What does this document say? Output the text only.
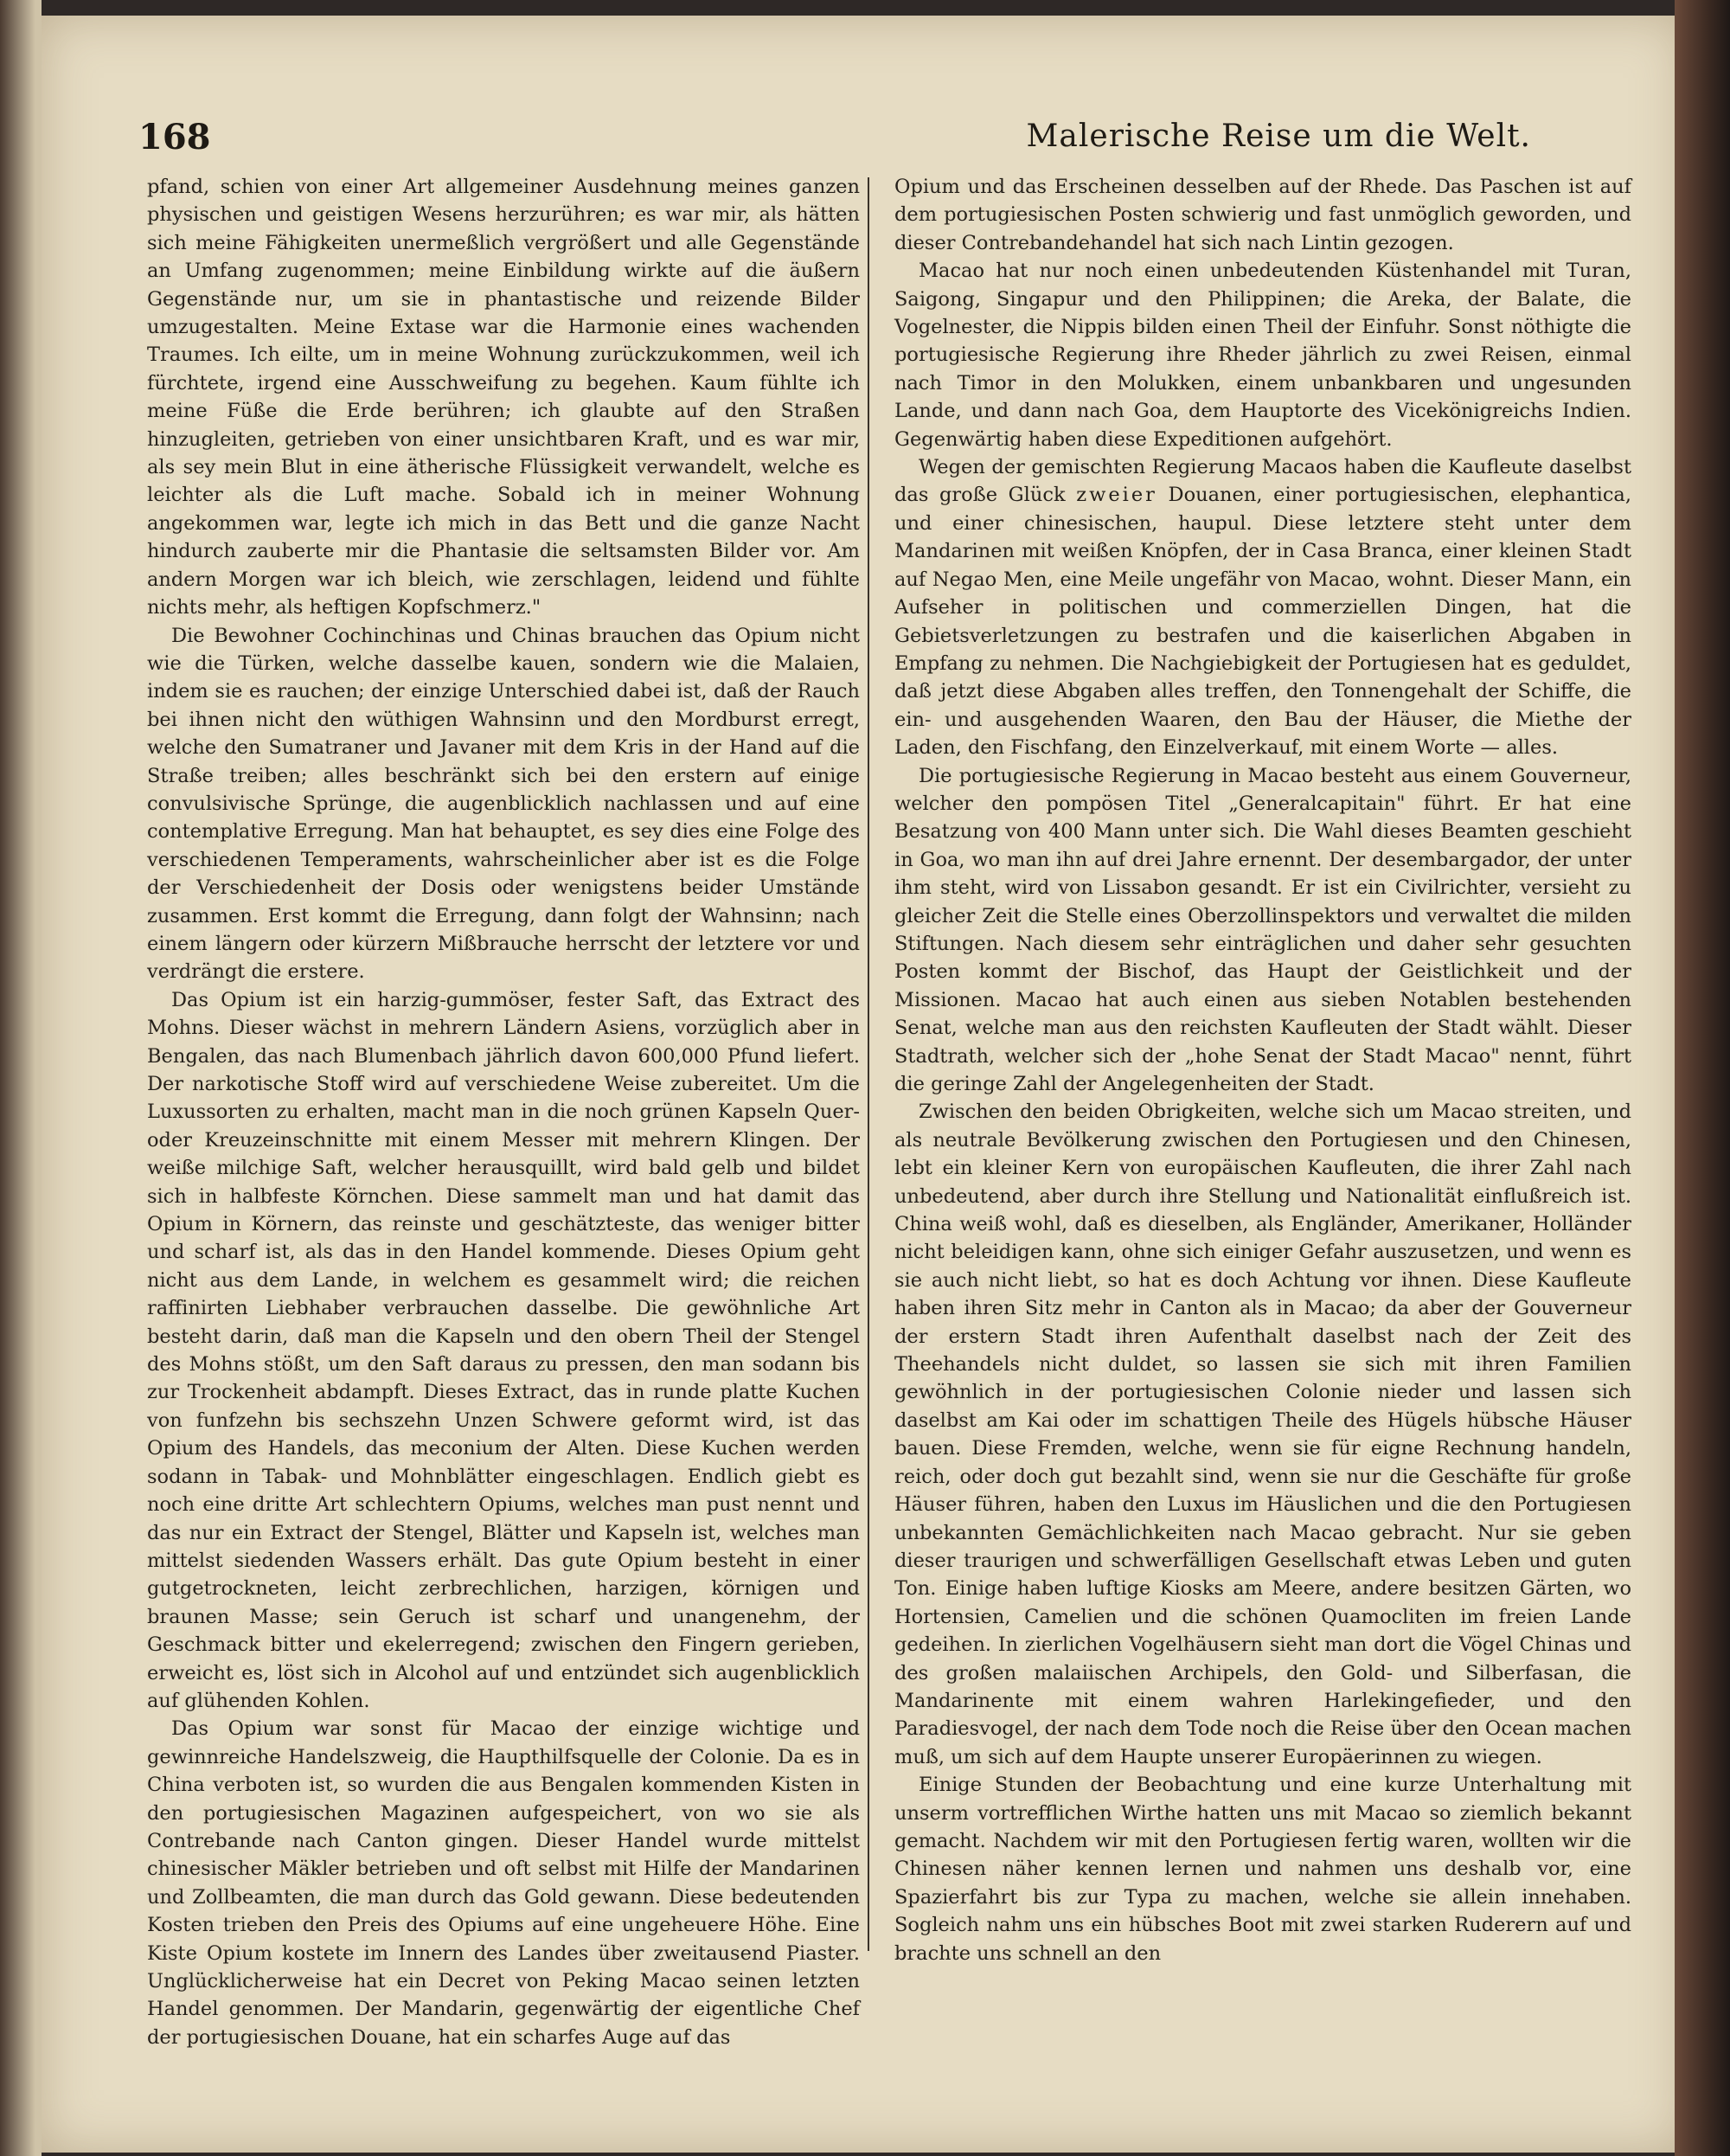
168	Malerische Reise um die Welt.

pfand, schien von einer Art allgemeiner Ausdehnung meines ganzen physischen und geistigen Wesens herzurühren; es war mir, als hätten sich meine Fähigkeiten unermeßlich vergrößert und alle Gegenstände an Umfang zugenommen; meine Einbildung wirkte auf die äußern Gegenstände nur, um sie in phantastische und reizende Bilder umzugestalten. Meine Extase war die Harmonie eines wachenden Traumes. Ich eilte, um in meine Wohnung zurückzukommen, weil ich fürchtete, irgend eine Ausschweifung zu begehen. Kaum fühlte ich meine Füße die Erde berühren; ich glaubte auf den Straßen hinzugleiten, getrieben von einer unsichtbaren Kraft, und es war mir, als sey mein Blut in eine ätherische Flüssigkeit verwandelt, welche es leichter als die Luft mache. Sobald ich in meiner Wohnung angekommen war, legte ich mich in das Bett und die ganze Nacht hindurch zauberte mir die Phantasie die seltsamsten Bilder vor. Am andern Morgen war ich bleich, wie zerschlagen, leidend und fühlte nichts mehr, als heftigen Kopfschmerz."

Die Bewohner Cochinchinas und Chinas brauchen das Opium nicht wie die Türken, welche dasselbe kauen, sondern wie die Malaien, indem sie es rauchen; der einzige Unterschied dabei ist, daß der Rauch bei ihnen nicht den wüthigen Wahnsinn und den Mordburst erregt, welche den Sumatraner und Javaner mit dem Kris in der Hand auf die Straße treiben; alles beschränkt sich bei den erstern auf einige convulsivische Sprünge, die augenblicklich nachlassen und auf eine contemplative Erregung. Man hat behauptet, es sey dies eine Folge des verschiedenen Temperaments, wahrscheinlicher aber ist es die Folge der Verschiedenheit der Dosis oder wenigstens beider Umstände zusammen. Erst kommt die Erregung, dann folgt der Wahnsinn; nach einem längern oder kürzern Mißbrauche herrscht der letztere vor und verdrängt die erstere.

Das Opium ist ein harzig-gummöser, fester Saft, das Extract des Mohns. Dieser wächst in mehrern Ländern Asiens, vorzüglich aber in Bengalen, das nach Blumenbach jährlich davon 600,000 Pfund liefert. Der narkotische Stoff wird auf verschiedene Weise zubereitet. Um die Luxussorten zu erhalten, macht man in die noch grünen Kapseln Quer- oder Kreuzeinschnitte mit einem Messer mit mehrern Klingen. Der weiße milchige Saft, welcher herausquillt, wird bald gelb und bildet sich in halbfeste Körnchen. Diese sammelt man und hat damit das Opium in Körnern, das reinste und geschätzteste, das weniger bitter und scharf ist, als das in den Handel kommende. Dieses Opium geht nicht aus dem Lande, in welchem es gesammelt wird; die reichen raffinirten Liebhaber verbrauchen dasselbe. Die gewöhnliche Art besteht darin, daß man die Kapseln und den obern Theil der Stengel des Mohns stößt, um den Saft daraus zu pressen, den man sodann bis zur Trockenheit abdampft. Dieses Extract, das in runde platte Kuchen von funfzehn bis sechszehn Unzen Schwere geformt wird, ist das Opium des Handels, das meconium der Alten. Diese Kuchen werden sodann in Tabak- und Mohnblätter eingeschlagen. Endlich giebt es noch eine dritte Art schlechtern Opiums, welches man pust nennt und das nur ein Extract der Stengel, Blätter und Kapseln ist, welches man mittelst siedenden Wassers erhält. Das gute Opium besteht in einer gutgetrockneten, leicht zerbrechlichen, harzigen, körnigen und braunen Masse; sein Geruch ist scharf und unangenehm, der Geschmack bitter und ekelerregend; zwischen den Fingern gerieben, erweicht es, löst sich in Alcohol auf und entzündet sich augenblicklich auf glühenden Kohlen.

Das Opium war sonst für Macao der einzige wichtige und gewinnreiche Handelszweig, die Haupthilfsquelle der Colonie. Da es in China verboten ist, so wurden die aus Bengalen kommenden Kisten in den portugiesischen Magazinen aufgespeichert, von wo sie als Contrebande nach Canton gingen. Dieser Handel wurde mittelst chinesischer Mäkler betrieben und oft selbst mit Hilfe der Mandarinen und Zollbeamten, die man durch das Gold gewann. Diese bedeutenden Kosten trieben den Preis des Opiums auf eine ungeheuere Höhe. Eine Kiste Opium kostete im Innern des Landes über zweitausend Piaster. Unglücklicherweise hat ein Decret von Peking Macao seinen letzten Handel genommen. Der Mandarin, gegenwärtig der eigentliche Chef der portugiesischen Douane, hat ein scharfes Auge auf das

Opium und das Erscheinen desselben auf der Rhede. Das Paschen ist auf dem portugiesischen Posten schwierig und fast unmöglich geworden, und dieser Contrebandehandel hat sich nach Lintin gezogen.

Macao hat nur noch einen unbedeutenden Küstenhandel mit Turan, Saigong, Singapur und den Philippinen; die Areka, der Balate, die Vogelnester, die Nippis bilden einen Theil der Einfuhr. Sonst nöthigte die portugiesische Regierung ihre Rheder jährlich zu zwei Reisen, einmal nach Timor in den Molukken, einem unbankbaren und ungesunden Lande, und dann nach Goa, dem Hauptorte des Vicekönigreichs Indien. Gegenwärtig haben diese Expeditionen aufgehört.

Wegen der gemischten Regierung Macaos haben die Kaufleute daselbst das große Glück zweier Douanen, einer portugiesischen, elephantica, und einer chinesischen, haupul. Diese letztere steht unter dem Mandarinen mit weißen Knöpfen, der in Casa Branca, einer kleinen Stadt auf Negao Men, eine Meile ungefähr von Macao, wohnt. Dieser Mann, ein Aufseher in politischen und commerziellen Dingen, hat die Gebietsverletzungen zu bestrafen und die kaiserlichen Abgaben in Empfang zu nehmen. Die Nachgiebigkeit der Portugiesen hat es geduldet, daß jetzt diese Abgaben alles treffen, den Tonnengehalt der Schiffe, die ein- und ausgehenden Waaren, den Bau der Häuser, die Miethe der Laden, den Fischfang, den Einzelverkauf, mit einem Worte — alles.

Die portugiesische Regierung in Macao besteht aus einem Gouverneur, welcher den pompösen Titel „Generalcapitain" führt. Er hat eine Besatzung von 400 Mann unter sich. Die Wahl dieses Beamten geschieht in Goa, wo man ihn auf drei Jahre ernennt. Der desembargador, der unter ihm steht, wird von Lissabon gesandt. Er ist ein Civilrichter, versieht zu gleicher Zeit die Stelle eines Oberzollinspektors und verwaltet die milden Stiftungen. Nach diesem sehr einträglichen und daher sehr gesuchten Posten kommt der Bischof, das Haupt der Geistlichkeit und der Missionen. Macao hat auch einen aus sieben Notablen bestehenden Senat, welche man aus den reichsten Kaufleuten der Stadt wählt. Dieser Stadtrath, welcher sich der „hohe Senat der Stadt Macao" nennt, führt die geringe Zahl der Angelegenheiten der Stadt.

Zwischen den beiden Obrigkeiten, welche sich um Macao streiten, und als neutrale Bevölkerung zwischen den Portugiesen und den Chinesen, lebt ein kleiner Kern von europäischen Kaufleuten, die ihrer Zahl nach unbedeutend, aber durch ihre Stellung und Nationalität einflußreich ist. China weiß wohl, daß es dieselben, als Engländer, Amerikaner, Holländer nicht beleidigen kann, ohne sich einiger Gefahr auszusetzen, und wenn es sie auch nicht liebt, so hat es doch Achtung vor ihnen. Diese Kaufleute haben ihren Sitz mehr in Canton als in Macao; da aber der Gouverneur der erstern Stadt ihren Aufenthalt daselbst nach der Zeit des Theehandels nicht duldet, so lassen sie sich mit ihren Familien gewöhnlich in der portugiesischen Colonie nieder und lassen sich daselbst am Kai oder im schattigen Theile des Hügels hübsche Häuser bauen. Diese Fremden, welche, wenn sie für eigne Rechnung handeln, reich, oder doch gut bezahlt sind, wenn sie nur die Geschäfte für große Häuser führen, haben den Luxus im Häuslichen und die den Portugiesen unbekannten Gemächlichkeiten nach Macao gebracht. Nur sie geben dieser traurigen und schwerfälligen Gesellschaft etwas Leben und guten Ton. Einige haben luftige Kiosks am Meere, andere besitzen Gärten, wo Hortensien, Camelien und die schönen Quamocliten im freien Lande gedeihen. In zierlichen Vogelhäusern sieht man dort die Vögel Chinas und des großen malaiischen Archipels, den Gold- und Silberfasan, die Mandarinente mit einem wahren Harlekingefieder, und den Paradiesvogel, der nach dem Tode noch die Reise über den Ocean machen muß, um sich auf dem Haupte unserer Europäerinnen zu wiegen.

Einige Stunden der Beobachtung und eine kurze Unterhaltung mit unserm vortrefflichen Wirthe hatten uns mit Macao so ziemlich bekannt gemacht. Nachdem wir mit den Portugiesen fertig waren, wollten wir die Chinesen näher kennen lernen und nahmen uns deshalb vor, eine Spazierfahrt bis zur Typa zu machen, welche sie allein innehaben. Sogleich nahm uns ein hübsches Boot mit zwei starken Ruderern auf und brachte uns schnell an den
